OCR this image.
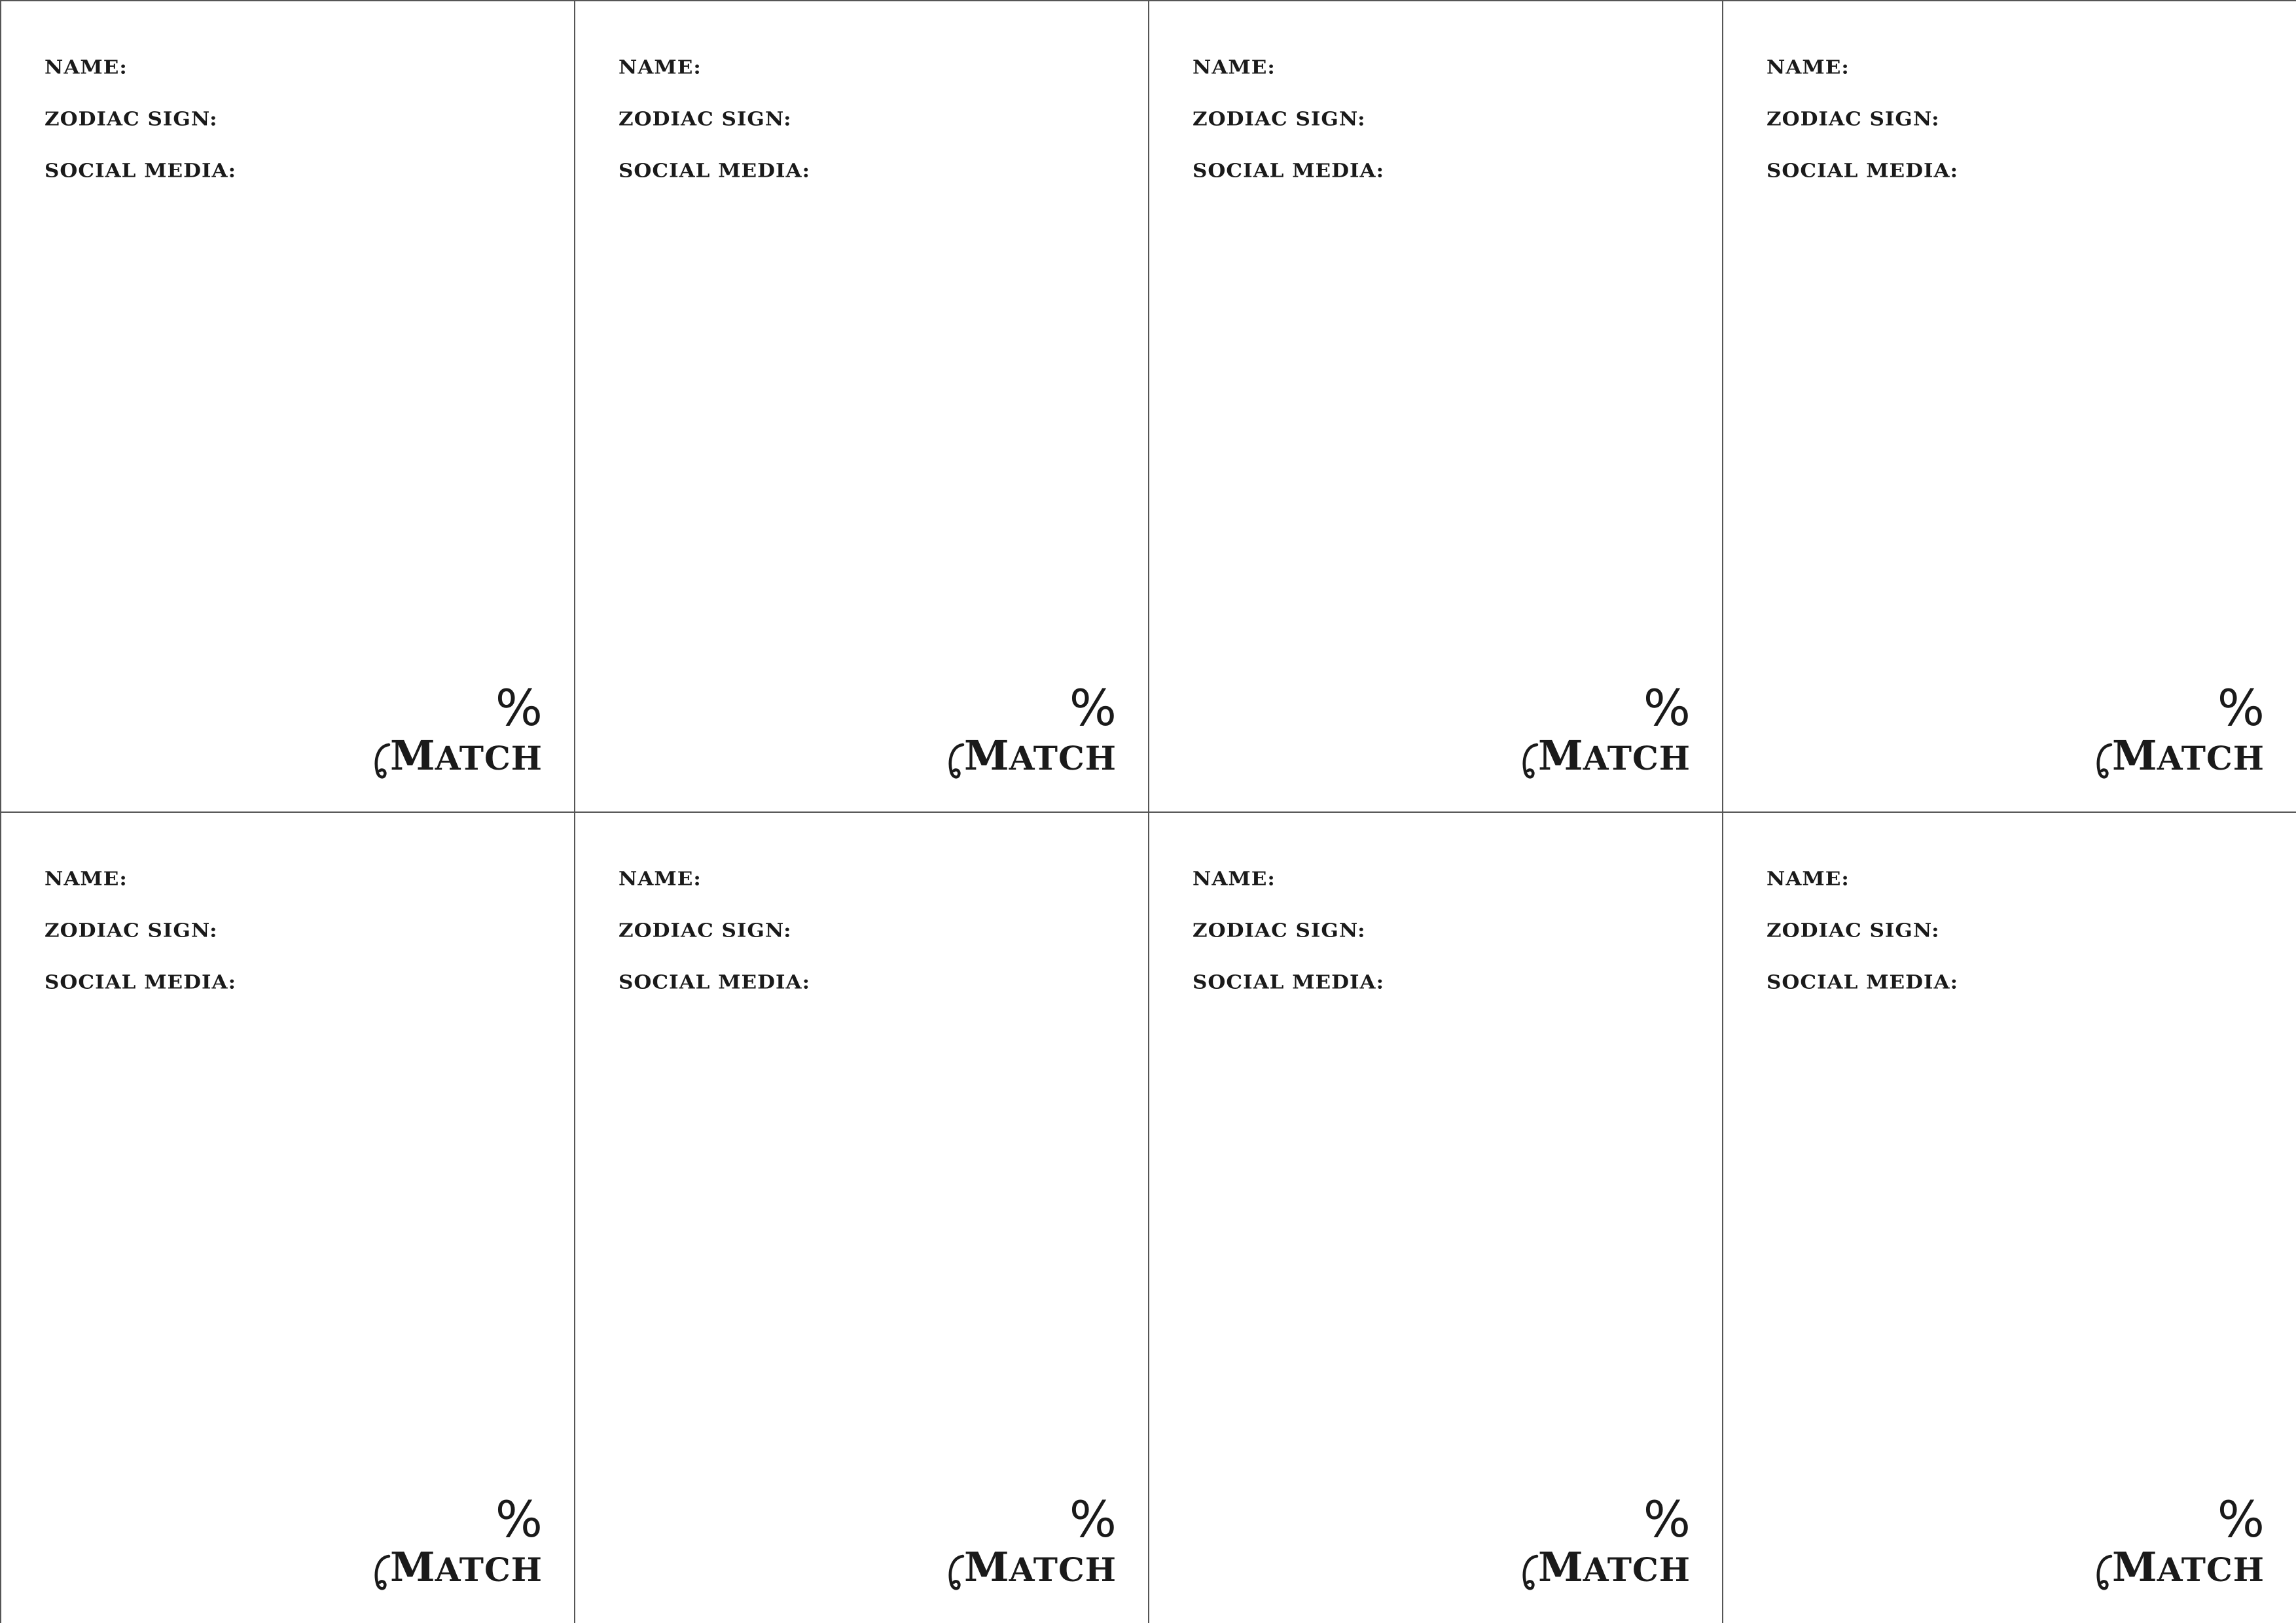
NAME:
ZODIAC SIGN:
SOCIAL MEDIA:
%
MATCH
NAME:
ZODIAC SIGN:
SOCIAL MEDIA:
%
MATCH
NAME:
ZODIAC SIGN:
SOCIAL MEDIA:
%
MATCH
NAME:
ZODIAC SIGN:
SOCIAL MEDIA:
%
MATCH
NAME:
ZODIAC SIGN:
SOCIAL MEDIA:
%
MATCH
NAME:
ZODIAC SIGN:
SOCIAL MEDIA:
%
MATCH
NAME:
ZODIAC SIGN:
SOCIAL MEDIA:
%
MATCH
NAME:
ZODIAC SIGN:
SOCIAL MEDIA:
%
MATCH
